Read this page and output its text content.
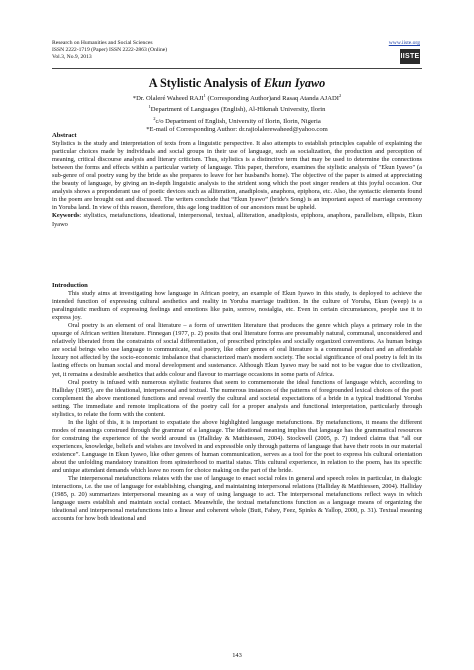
Research on Humanities and Social Sciences
ISSN 2222-1719 (Paper) ISSN 2222-2863 (Online)
Vol.3, No.9, 2013
www.iiste.org
IISTE
A Stylistic Analysis of Ekun Iyawo
*Dr. Olaleré Waheed RAJI$^1$ (Corresponding Author)and Rasaq Atanda AJADI$^2$
$^1$Department of Languages (English), Al-Hikmah University, Ilorin
$^2$c/o Department of English, University of Ilorin, Ilorin, Nigeria
*E-mail of Corresponding Author: dr.rajiolalerewaheed@yahoo.com
Abstract

Stylistics is the study and interpretation of texts from a linguistic perspective. It also attempts to establish principles capable of explaining the particular choices made by individuals and social groups in their use of language, such as socialization, the production and perception of meaning, critical discourse analysis and literary criticism. Thus, stylistics is a distinctive term that may be used to determine the connections between the forms and effects within a particular variety of language. This paper, therefore, examines the stylistic analysis of "Ekun Iyawo" (a sub-genre of oral poetry sung by the bride as she prepares to leave for her husband's home). The objective of the paper is aimed at appreciating the beauty of language, by giving an in-depth linguistic analysis to the strident song which the poet singer renders at this joyful occasion. Our analysis shows a preponderant use of poetic devices such as alliteration, anadiplosis, anaphora, epiphora, etc. Also, the syntactic elements found in the poem are brought out and discussed. The writers conclude that “Ekun Iyawo” (bride's Song) is an important aspect of marriage ceremony in Yoruba land. In view of this reason, therefore, this age long tradition of our ancestors must be upheld.

Keywords: stylistics, metafunctions, ideational, interpersonal, textual, alliteration, anadiplosis, epiphora, anaphora, parallelism, ellipsis, Ekun Iyawo

Introduction

This study aims at investigating how language in African poetry, an example of Ekun Iyawo in this study, is deployed to achieve the intended function of expressing cultural aesthetics and reality in Yoruba marriage tradition. In the culture of Yoruba, Ekun (weep) is a paralinguistic medium of expressing feelings and emotions like pain, sorrow, nostalgia, etc. Even in certain circumstances, people use it to express joy.

Oral poetry is an element of oral literature – a form of unwritten literature that produces the genre which plays a primary role in the upsurge of African written literature. Finnegan (1977, p. 2) posits that oral literature forms are presumably natural, communal, unconsidered and relatively liberated from the constraints of social differentiation, of prescribed principles and socially organized conventions. As human beings are social beings who use language to communicate, oral poetry, like other genres of oral literature is a communal product and an affordable luxury not affected by the socio-economic imbalance that characterized man's modern society. The social significance of oral poetry is felt in its lasting effects on human social and moral development and sustenance. Although Ekun Iyawo may be said not to be vague due to civilization, yet, it remains a desirable aesthetics that adds colour and flavour to marriage occasions in some parts of Africa.

Oral poetry is infused with numerous stylistic features that seem to commemorate the ideal functions of language which, according to Halliday (1985), are the ideational, interpersonal and textual. The numerous instances of the patterns of foregrounded lexical choices of the poet complement the above mentioned functions and reveal overtly the cultural and societal expectations of a bride in a typical traditional Yoruba setting. The immediate and remote implications of the poetry call for a proper analysis and functional interpretation, particularly through stylistics, to relate the form with the content.

In the light of this, it is important to expatiate the above highlighted language metafunctions. By metafunctions, it means the different modes of meanings construed through the grammar of a language. The ideational meaning implies that language has the grammatical resources for construing the experience of the world around us (Halliday & Matthiessen, 2004). Stockwell (2005, p. 7) indeed claims that “all our experiences, knowledge, beliefs and wishes are involved in and expressible only through patterns of language that have their roots in our material existence”. Language in Ekun Iyawo, like other genres of human communication, serves as a tool for the poet to express his cultural orientation about the unfolding mandatory transition from spinsterhood to marital status. This cultural experience, in relation to the poem, has its specific and unique attendant demands which leave no room for choice making on the part of the bride.

The interpersonal metafunctions relates with the use of language to enact social roles in general and speech roles in particular, in dialogic interactions, i.e. the use of language for establishing, changing, and maintaining interpersonal relations (Halliday & Matthiessen, 2004). Halliday (1985, p. 20) summarizes interpersonal meaning as a way of using language to act. The interpersonal metafunctions reflect ways in which language users establish and maintain social contact. Meanwhile, the textual metafunctions function as a language means of organizing the ideational and interpersonal metafunctions into a linear and coherent whole (Butt, Fahey, Feez, Spinks & Yallop, 2000, p. 31). Textual meaning accounts for how both ideational and

143
